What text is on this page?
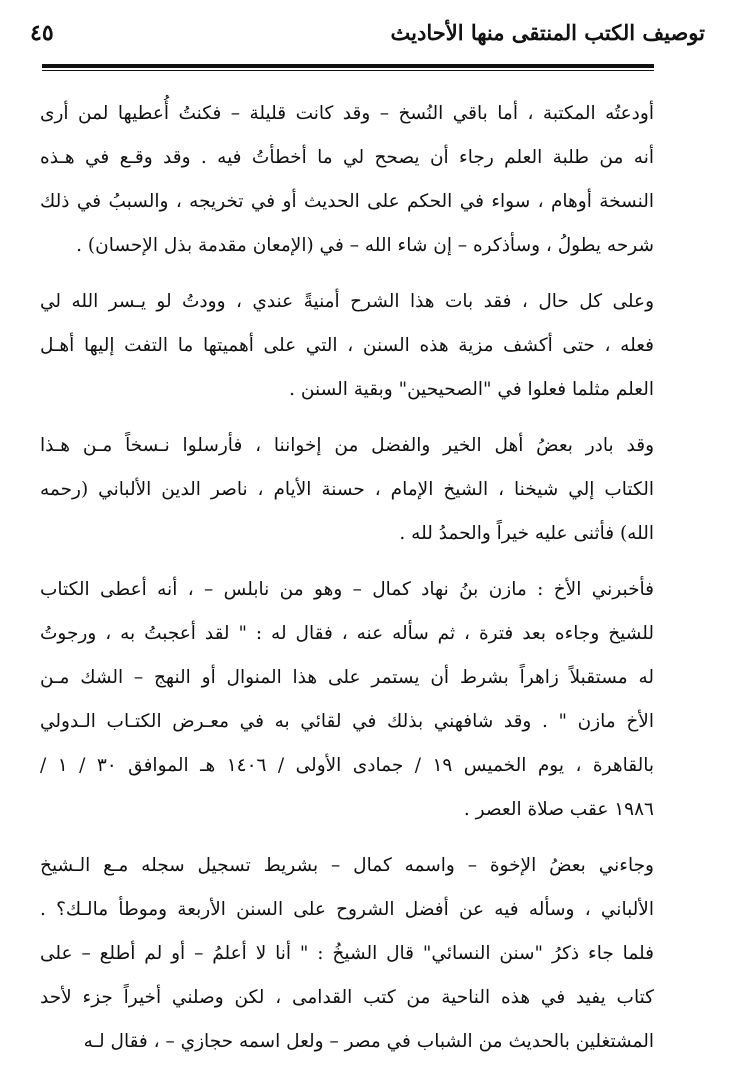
٤٥	توصيف الكتب المنتقى منها الأحاديث
أودعتُه المكتبة ، أما باقي النُسخ – وقد كانت قليلة – فكنتُ أُعطيها لمن أرى
أنه من طلبة العلم رجاء أن يصحح لي ما أخطأتُ فيه . وقد وقـع في هـذه
النسخة أوهام ، سواء في الحكم على الحديث أو في تخريجه ، والسببُ في ذلك
شرحه يطولُ ، وسأذكره – إن شاء الله – في (الإمعان مقدمة بذل الإحسان) .
وعلى كل حال ، فقد بات هذا الشرح أمنيةً عندي ، وودتُ لو يـسر الله لي
فعله ، حتى أكشف مزية هذه السنن ، التي على أهميتها ما التفت إليها أهـل
العلم مثلما فعلوا في "الصحيحين" وبقية السنن .
وقد بادر بعضُ أهل الخير والفضل من إخواننا ، فأرسلوا نـسخاً مـن هـذا
الكتاب إلي شيخنا ، الشيخ الإمام ، حسنة الأيام ، ناصر الدين الألباني (رحمه
الله) فأثنى عليه خيراً والحمدُ لله .
فأخبرني الأخ : مازن بنُ نهاد كمال – وهو من نابلس – ، أنه أعطى الكتاب
للشيخ وجاءه بعد فترة ، ثم سأله عنه ، فقال له : " لقد أعجبتُ به ، ورجوتُ
له مستقبلاً زاهراً بشرط أن يستمر على هذا المنوال أو النهج – الشك مـن
الأخ مازن " . وقد شافهني بذلك في لقائي به في معـرض الكتـاب الـدولي
بالقاهرة ، يوم الخميس ١٩ / جمادى الأولى / ١٤٠٦ هـ الموافق ٣٠ / ١ /
١٩٨٦ عقب صلاة العصر .
وجاءني بعضُ الإخوة – واسمه كمال – بشريط تسجيل سجله مـع الـشيخ
الألباني ، وسأله فيه عن أفضل الشروح على السنن الأربعة وموطأ مالـك؟ .
فلما جاء ذكرُ "سنن النسائي" قال الشيخُ : " أنا لا أعلمُ – أو لم أطلع – على
كتاب يفيد في هذه الناحية من كتب القدامى ، لكن وصلني أخيراً جزء لأحد
المشتغلين بالحديث من الشباب في مصر – ولعل اسمه حجازي – ، فقال لـه
